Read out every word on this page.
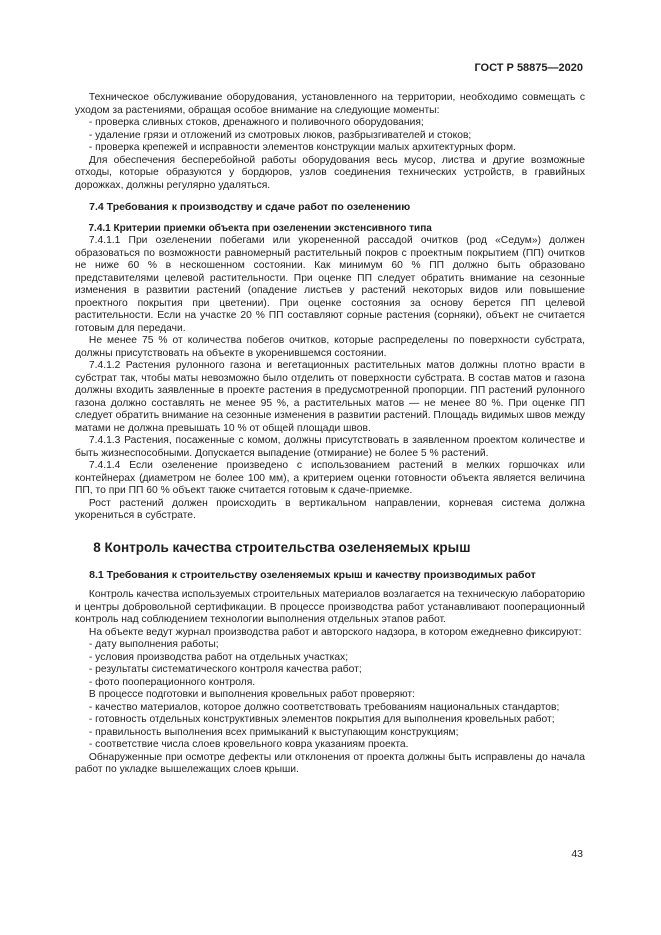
ГОСТ Р 58875—2020

Техническое обслуживание оборудования, установленного на территории, необходимо совмещать с уходом за растениями, обращая особое внимание на следующие моменты:

- проверка сливных стоков, дренажного и поливочного оборудования;

- удаление грязи и отложений из смотровых люков, разбрызгивателей и стоков;

- проверка крепежей и исправности элементов конструкции малых архитектурных форм.

Для обеспечения бесперебойной работы оборудования весь мусор, листва и другие возможные отходы, которые образуются у бордюров, узлов соединения технических устройств, в гравийных дорожках, должны регулярно удаляться.

7.4 Требования к производству и сдаче работ по озеленению

7.4.1 Критерии приемки объекта при озеленении экстенсивного типа

7.4.1.1 При озеленении побегами или укорененной рассадой очитков (род «Седум») должен образоваться по возможности равномерный растительный покров с проектным покрытием (ПП) очитков не ниже 60 % в нескошенном состоянии. Как минимум 60 % ПП должно быть образовано представителями целевой растительности. При оценке ПП следует обратить внимание на сезонные изменения в развитии растений (опадение листьев у растений некоторых видов или повышение проектного покрытия при цветении). При оценке состояния за основу берется ПП целевой растительности. Если на участке 20 % ПП составляют сорные растения (сорняки), объект не считается готовым для передачи.

Не менее 75 % от количества побегов очитков, которые распределены по поверхности субстрата, должны присутствовать на объекте в укоренившемся состоянии.

7.4.1.2 Растения рулонного газона и вегетационных растительных матов должны плотно врасти в субстрат так, чтобы маты невозможно было отделить от поверхности субстрата. В состав матов и газона должны входить заявленные в проекте растения в предусмотренной пропорции. ПП растений рулонного газона должно составлять не менее 95 %, а растительных матов — не менее 80 %. При оценке ПП следует обратить внимание на сезонные изменения в развитии растений. Площадь видимых швов между матами не должна превышать 10 % от общей площади швов.

7.4.1.3 Растения, посаженные с комом, должны присутствовать в заявленном проектом количестве и быть жизнеспособными. Допускается выпадение (отмирание) не более 5 % растений.

7.4.1.4 Если озеленение произведено с использованием растений в мелких горшочках или контейнерах (диаметром не более 100 мм), а критерием оценки готовности объекта является величина ПП, то при ПП 60 % объект также считается готовым к сдаче-приемке.

Рост растений должен происходить в вертикальном направлении, корневая система должна укорениться в субстрате.

8 Контроль качества строительства озеленяемых крыш

8.1 Требования к строительству озеленяемых крыш и качеству производимых работ

Контроль качества используемых строительных материалов возлагается на техническую лабораторию и центры добровольной сертификации. В процессе производства работ устанавливают пооперационный контроль над соблюдением технологии выполнения отдельных этапов работ.

На объекте ведут журнал производства работ и авторского надзора, в котором ежедневно фиксируют:

- дату выполнения работы;

- условия производства работ на отдельных участках;

- результаты систематического контроля качества работ;

- фото пооперационного контроля.

В процессе подготовки и выполнения кровельных работ проверяют:

- качество материалов, которое должно соответствовать требованиям национальных стандартов;

- готовность отдельных конструктивных элементов покрытия для выполнения кровельных работ;

- правильность выполнения всех примыканий к выступающим конструкциям;

- соответствие числа слоев кровельного ковра указаниям проекта.

Обнаруженные при осмотре дефекты или отклонения от проекта должны быть исправлены до начала работ по укладке вышележащих слоев крыши.

43
